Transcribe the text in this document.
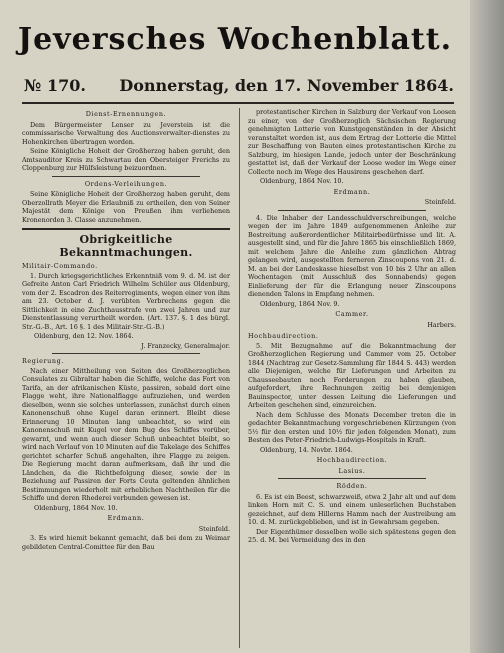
Jeversches Wochenblatt.
№ 170. Donnerstag, den 17. November 1864.

Dienst-Ernennungen.

Dem Bürgermeister Lenser zu Jeverstein ist die commissarische Verwaltung des Auctionsverwalter-dienstes zu Hohenkirchen übertragen worden.

Seine Königliche Hoheit der Großherzog haben geruht, den Amtsauditor Kreis zu Schwartau den Obersteiger Frerichs zu Cloppenburg zur Hülfsleistung beizuordnen.

Ordens-Verleihungen.

Seine Königliche Hoheit der Großherzog haben geruht, dem Oberzollrath Meyer die Erlaubniß zu ertheilen, den von Seiner Majestät dem Könige von Preußen ihm verliehenen Kronenorden 3. Classe anzunehmen.

Obrigkeitliche Bekanntmachungen.

Militair-Commando.

1. Durch kriegsgerichtliches Erkenntniß vom 9. d. M. ist der Gefreite Anton Carl Friedrich Wilhelm Schüler aus Oldenburg, vom der 2. Escadron des Reiterregiments, wegen einer von ihm am 23. October d. J. verübten Verbrechens gegen die Sittlichkeit in eine Zuchthausstrafe von zwei Jahren und zur Dienstentlassung verurtheilt worden. (Art. 137. §. 1 des bürgl. Str.-G.-B., Art. 16 §. 1 des Militair-Str.-G.-B.)

Oldenburg, den 12. Nov. 1864.

J. Franzecky, Generalmajor.

Regierung.

Nach einer Mittheilung von Seiten des Großherzoglichen Consulates zu Gibraltar haben die Schiffe, welche das Fort von Tarifa, an der afrikanischen Küste, passiren, sobald dort eine Flagge weht, ihre Nationalflagge aufzuziehen, und werden dieselben, wenn sie solches unterlassen, zunächst durch einen Kanonenschuß ohne Kugel daran erinnert. Bleibt diese Erinnerung 10 Minuten lang unbeachtet, so wird ein Kanonenschuß mit Kugel vor dem Bug des Schiffes vorüber, gewarnt, und wenn auch dieser Schuß unbeachtet bleibt, so wird nach Verlauf von 10 Minuten auf die Takelage des Schiffes gerichtet scharfer Schuß angehalten, ihre Flagge zu zeigen. Die Regierung macht daran aufmerksam, daß ihr und die Ländchen, da die Richtbefolgung dieser, sowie der in Beziehung auf Passiren der Forts Ceuta geltenden ähnlichen Bestimmungen wiederholt mit erheblichen Nachtheilen für die Schiffe und deren Rhederei verbunden gewesen ist.

Oldenburg, 1864 Nov. 10.

Erdmann.

Steinfeld.

3. Es wird hiemit bekannt gemacht, daß bei dem zu Weimar gebildeten Central-Comittee für den Bau

protestantischer Kirchen in Salzburg der Verkauf von Loosen zu einer, von der Großherzoglich Sächsischen Regierung genehmigten Lotterie von Kunstgegenständen in der Absicht veranstaltet worden ist, aus dem Ertrag der Lotterie die Mittel zur Beschaffung von Bauten eines protestantischen Kirche zu Salzburg, im hiesigen Lande, jedoch unter der Beschränkung gestattet ist, daß der Verkauf der Loose weder im Wege einer Collecte noch im Wege des Hausirens geschehen darf.

Oldenburg, 1864 Nov. 10.

Erdmann.

Steinfeld.

4. Die Inhaber der Landesschuldverschreibungen, welche wegen der im Jahre 1849 aufgenommenen Anleihe zur Bestreitung außerordentlicher Militairbedürfnisse und lit. A. ausgestellt sind, und für die Jahre 1865 bis einschließlich 1869, mit welchem Jahre die Anleihe zum gänzlichen Abtrag gelangen wird, ausgestellten ferneren Zinscoupons von 21. d. M. an bei der Landeskasse hieselbst von 10 bis 2 Uhr an allen Wochentagen (mit Ausschluß des Sonnabends) gegen Einlieferung der für die Erlangung neuer Zinscoupons dienenden Talons in Empfang nehmen.

Oldenburg, 1864 Nov. 9.

Cammer.

Harbers.

Hochbaudirection.

5. Mit Bezugnahme auf die Bekanntmachung der Großherzoglichen Regierung und Cammer vom 25. October 1844 (Nachtrag zur Gesetz-Sammlung für 1844 S. 443) werden alle Diejenigen, welche für Lieferungen und Arbeiten zu Chausseebauten noch Forderungen zu haben glauben, aufgefordert, ihre Rechnungen zeitig bei demjenigen Bauinspector, unter dessen Leitung die Lieferungen und Arbeiten geschehen sind, einzureichen.

Nach dem Schlusse des Monats December treten die in gedachter Bekanntmachung vorgeschriebenen Kürzungen (von 5½ für den ersten und 10½ für jeden folgenden Monat), zum Besten des Peter-Friedrich-Ludwigs-Hospitals in Kraft.

Oldenburg, 14. Novbr. 1864.

Hochbaudirection.

Lasius.

Rödden.

6. Es ist ein Beest, schwarzweiß, etwa 2 Jahr alt und auf dem linken Horn mit C. S. und einem unleserlichen Buchstaben gezeichnet, auf dem Hillerns Hamm nach der Austreibung am 10. d. M. zurückgeblieben, und ist in Gewahrsam gegeben.

Der Eigenthümer desselben wolle sich spätestens gegen den 25. d. M. bei Vermeidung des in den
